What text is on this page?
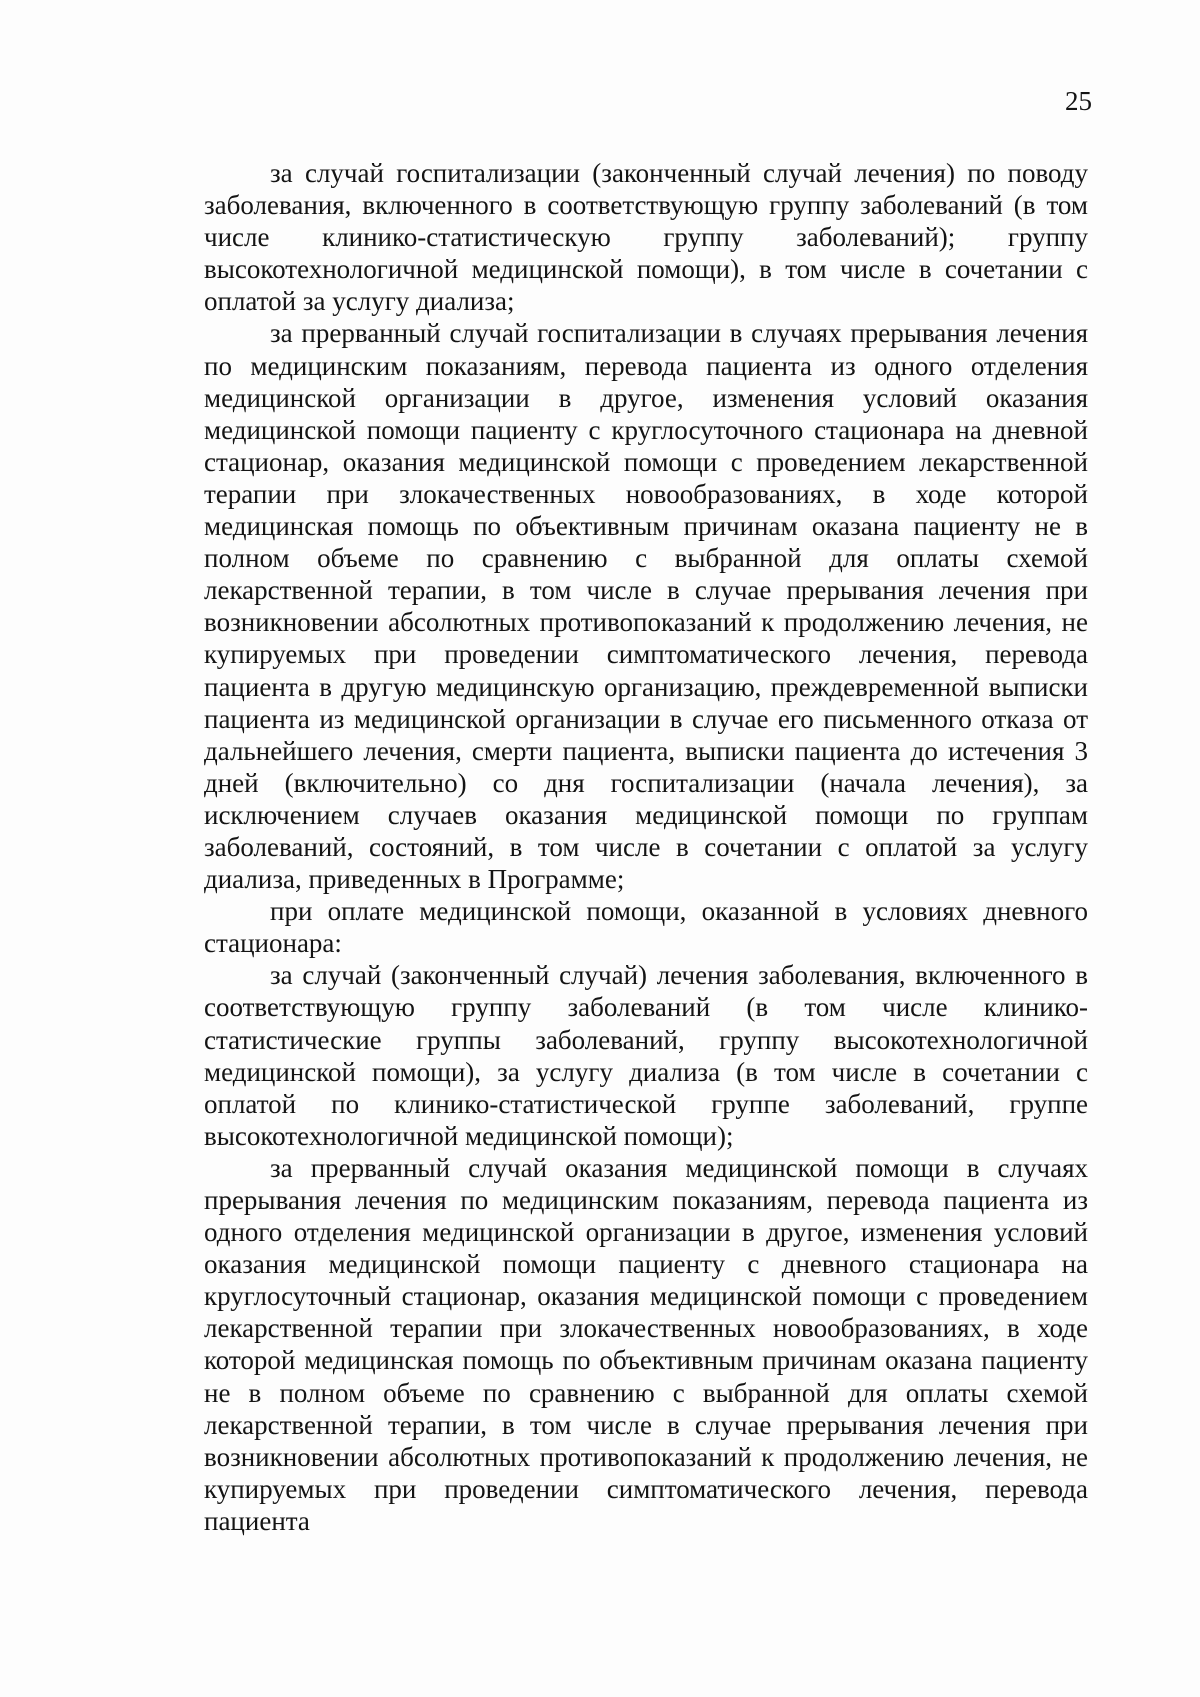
25

за случай госпитализации (законченный случай лечения) по поводу заболевания, включенного в соответствующую группу заболеваний (в том числе клинико-статистическую группу заболеваний); группу высокотехнологичной медицинской помощи), в том числе в сочетании с оплатой за услугу диализа;

за прерванный случай госпитализации в случаях прерывания лечения по медицинским показаниям, перевода пациента из одного отделения медицинской организации в другое, изменения условий оказания медицинской помощи пациенту с круглосуточного стационара на дневной стационар, оказания медицинской помощи с проведением лекарственной терапии при злокачественных новообразованиях, в ходе которой медицинская помощь по объективным причинам оказана пациенту не в полном объеме по сравнению с выбранной для оплаты схемой лекарственной терапии, в том числе в случае прерывания лечения при возникновении абсолютных противопоказаний к продолжению лечения, не купируемых при проведении симптоматического лечения, перевода пациента в другую медицинскую организацию, преждевременной выписки пациента из медицинской организации в случае его письменного отказа от дальнейшего лечения, смерти пациента, выписки пациента до истечения 3 дней (включительно) со дня госпитализации (начала лечения), за исключением случаев оказания медицинской помощи по группам заболеваний, состояний, в том числе в сочетании с оплатой за услугу диализа, приведенных в Программе;

при оплате медицинской помощи, оказанной в условиях дневного стационара:

за случай (законченный случай) лечения заболевания, включенного в соответствующую группу заболеваний (в том числе клинико-статистические группы заболеваний, группу высокотехнологичной медицинской помощи), за услугу диализа (в том числе в сочетании с оплатой по клинико-статистической группе заболеваний, группе высокотехнологичной медицинской помощи);

за прерванный случай оказания медицинской помощи в случаях прерывания лечения по медицинским показаниям, перевода пациента из одного отделения медицинской организации в другое, изменения условий оказания медицинской помощи пациенту с дневного стационара на круглосуточный стационар, оказания медицинской помощи с проведением лекарственной терапии при злокачественных новообразованиях, в ходе которой медицинская помощь по объективным причинам оказана пациенту не в полном объеме по сравнению с выбранной для оплаты схемой лекарственной терапии, в том числе в случае прерывания лечения при возникновении абсолютных противопоказаний к продолжению лечения, не купируемых при проведении симптоматического лечения, перевода пациента
